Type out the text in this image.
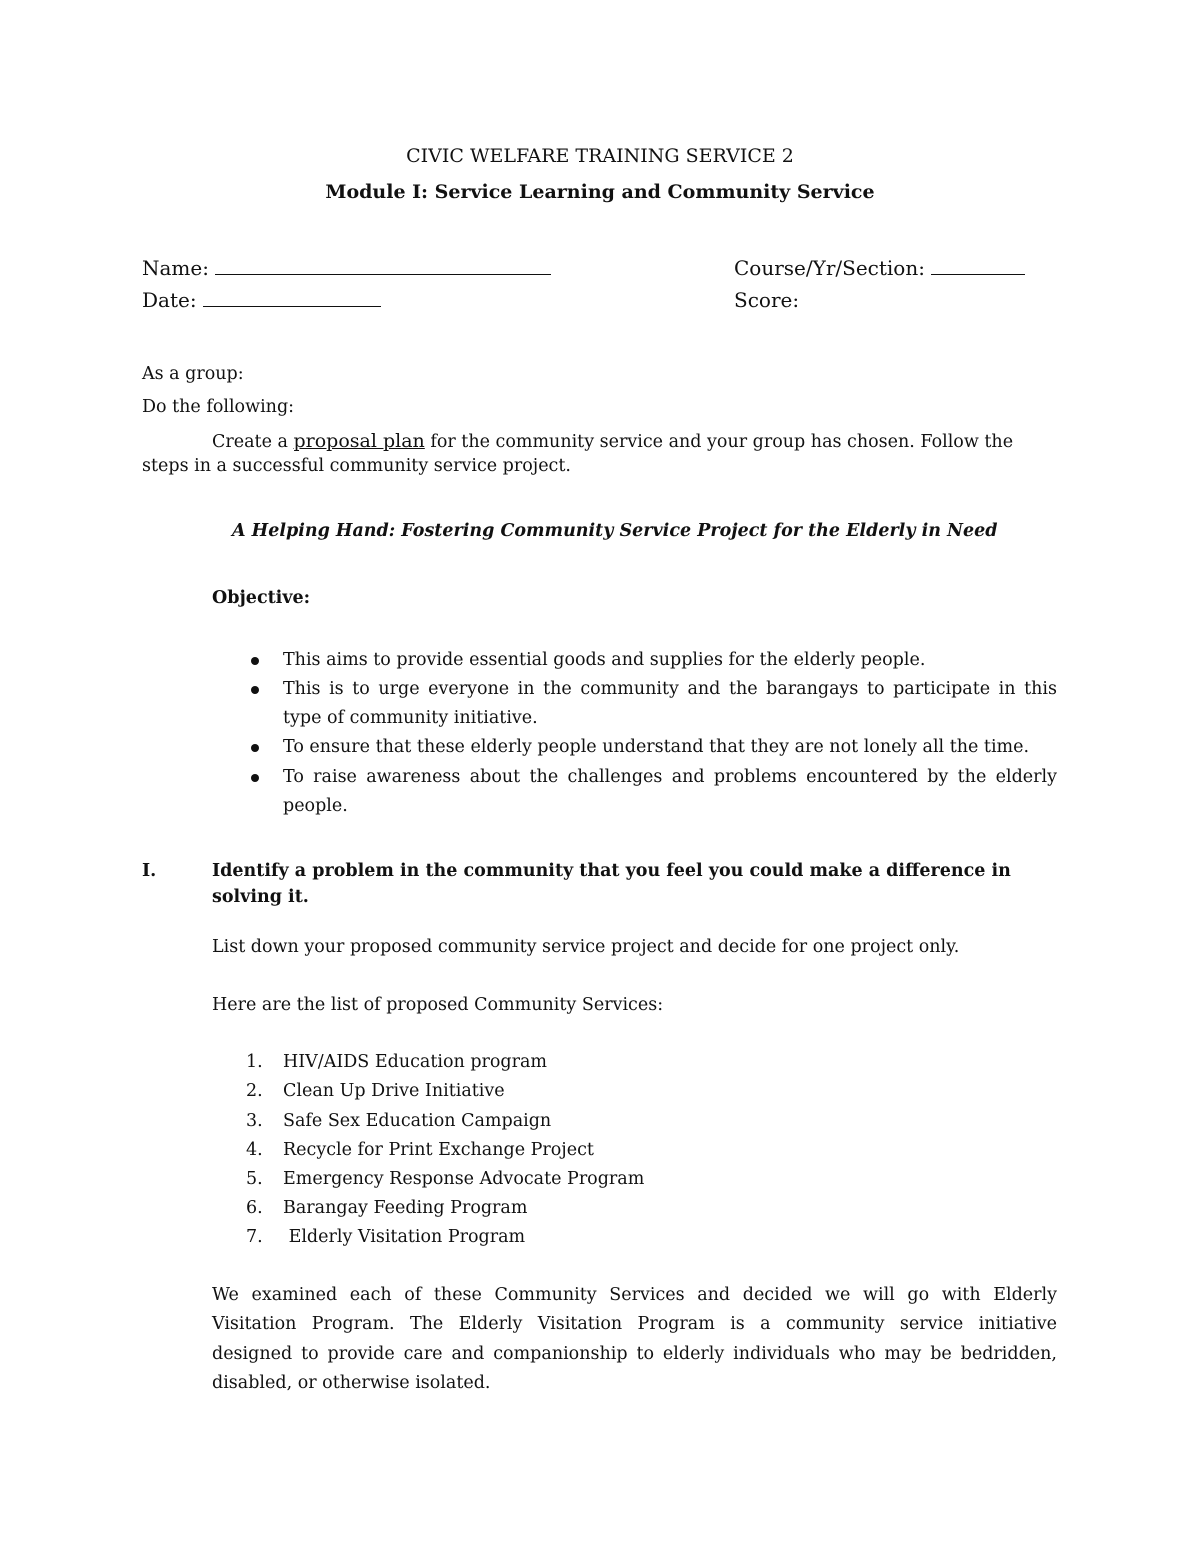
CIVIC WELFARE TRAINING SERVICE 2
Module I: Service Learning and Community Service
Name:	Course/Yr/Section:
Date:	Score:
As a group:
Do the following:
Create a proposal plan for the community service and your group has chosen. Follow the
steps in a successful community service project.
A Helping Hand: Fostering Community Service Project for the Elderly in Need
Objective:
This aims to provide essential goods and supplies for the elderly people.
This is to urge everyone in the community and the barangays to participate in this
type of community initiative.
To ensure that these elderly people understand that they are not lonely all the time.
To raise awareness about the challenges and problems encountered by the elderly
people.
I.	Identify a problem in the community that you feel you could make a difference in
solving it.
List down your proposed community service project and decide for one project only.
Here are the list of proposed Community Services:
1. HIV/AIDS Education program
2. Clean Up Drive Initiative
3. Safe Sex Education Campaign
4. Recycle for Print Exchange Project
5. Emergency Response Advocate Program
6. Barangay Feeding Program
7. Elderly Visitation Program
We examined each of these Community Services and decided we will go with Elderly
Visitation Program. The Elderly Visitation Program is a community service initiative
designed to provide care and companionship to elderly individuals who may be bedridden,
disabled, or otherwise isolated.
